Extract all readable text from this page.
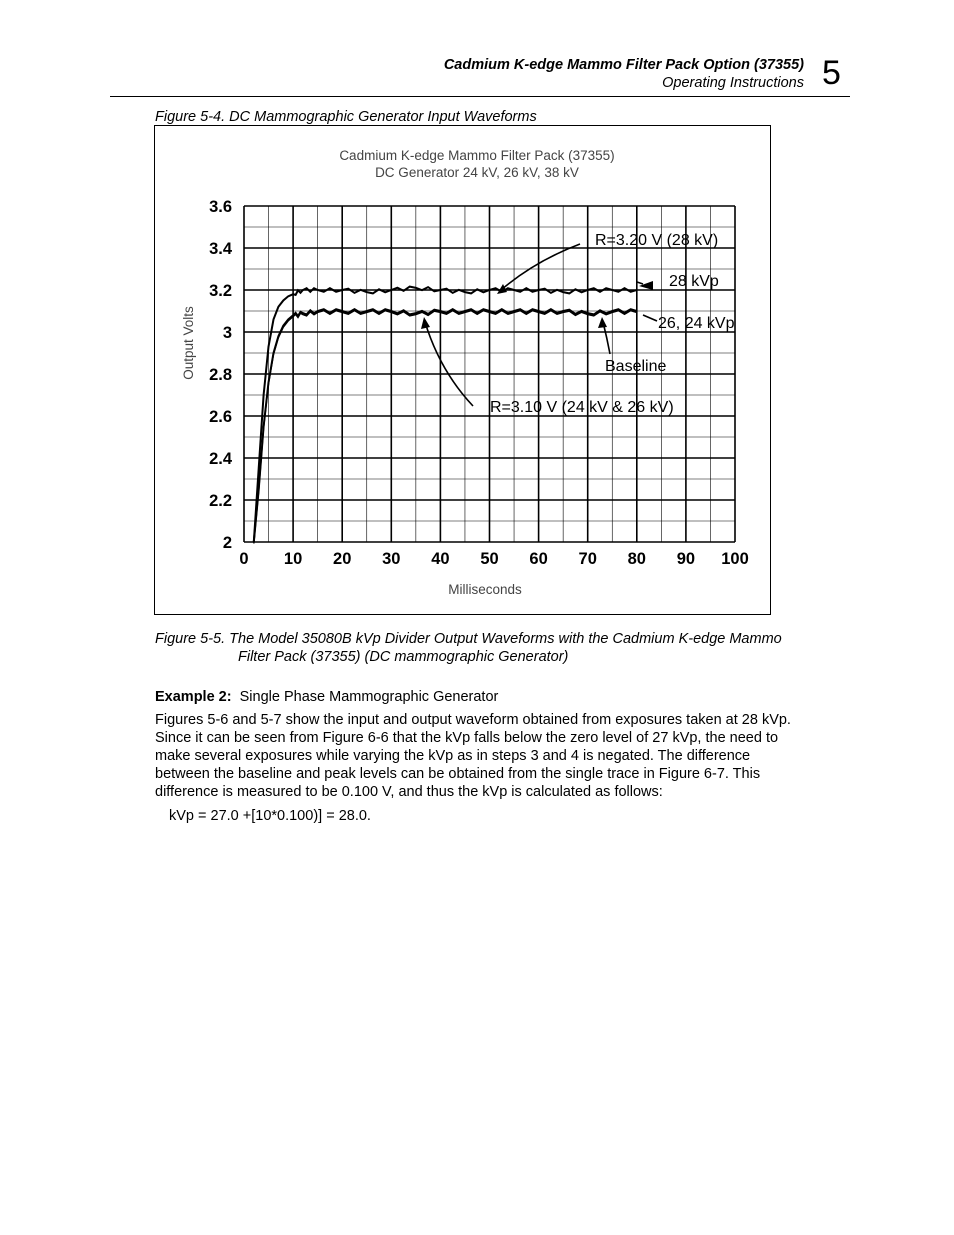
Cadmium K-edge Mammo Filter Pack Option (37355)
Operating Instructions 5
Figure 5-4. DC Mammographic Generator Input Waveforms
Cadmium K-edge Mammo Filter Pack (37355)
DC Generator 24 kV, 26 kV, 38 kV
0 10 20 30 40 50 60 70 80 90 100
2
2.2
2.4
2.6
2.8
3
3.2
3.4
3.6
Milliseconds
Output Volts
R=3.20 V (28 kV)
28 kVp
26, 24 kVp
Baseline
R=3.10 V (24 kV & 26 kV)
Figure 5-5. The Model 35080B kVp Divider Output Waveforms with the Cadmium K-edge Mammo
Filter Pack (37355) (DC mammographic Generator)
Example 2: Single Phase Mammographic Generator
Figures 5-6 and 5-7 show the input and output waveform obtained from exposures taken at 28 kVp.
Since it can be seen from Figure 6-6 that the kVp falls below the zero level of 27 kVp, the need to
make several exposures while varying the kVp as in steps 3 and 4 is negated. The difference
between the baseline and peak levels can be obtained from the single trace in Figure 6-7. This
difference is measured to be 0.100 V, and thus the kVp is calculated as follows:
kVp = 27.0 +[10*0.100)] = 28.0.
